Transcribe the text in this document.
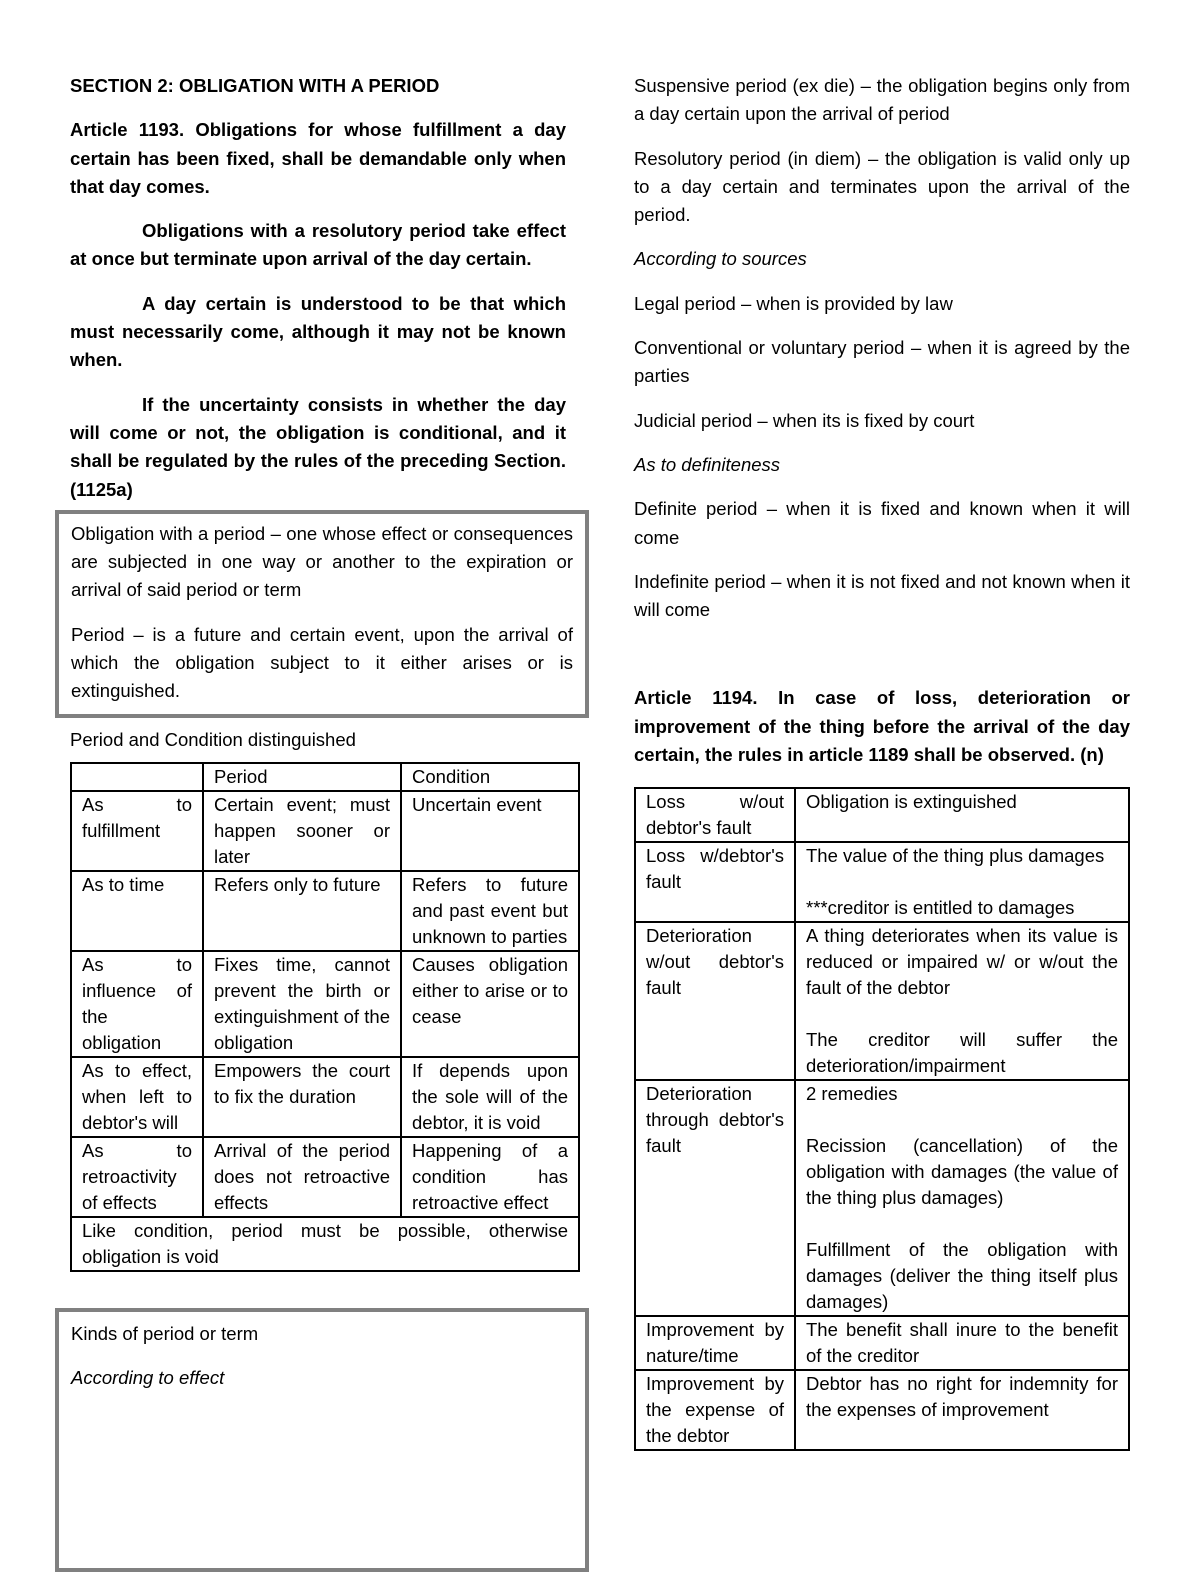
SECTION 2: OBLIGATION WITH A PERIOD

Article 1193. Obligations for whose fulfillment a day certain has been fixed, shall be demandable only when that day comes.

Obligations with a resolutory period take effect at once but terminate upon arrival of the day certain.

A day certain is understood to be that which must necessarily come, although it may not be known when.

If the uncertainty consists in whether the day will come or not, the obligation is conditional, and it shall be regulated by the rules of the preceding Section. (1125a)

Obligation with a period – one whose effect or consequences are subjected in one way or another to the expiration or arrival of said period or term

Period – is a future and certain event, upon the arrival of which the obligation subject to it either arises or is extinguished.

Period and Condition distinguished

	Period	Condition
As to fulfillment	Certain event; must happen sooner or later	Uncertain event
As to time	Refers only to future	Refers to future and past event but unknown to parties
As to influence of the obligation	Fixes time, cannot prevent the birth or extinguishment of the obligation	Causes obligation either to arise or to cease
As to effect, when left to debtor's will	Empowers the court to fix the duration	If depends upon the sole will of the debtor, it is void
As to retroactivity of effects	Arrival of the period does not retroactive effects	Happening of a condition has retroactive effect
Like condition, period must be possible, otherwise obligation is void		

Kinds of period or term

According to effect

Suspensive period (ex die) – the obligation begins only from a day certain upon the arrival of period

Resolutory period (in diem) – the obligation is valid only up to a day certain and terminates upon the arrival of the period.

According to sources

Legal period – when is provided by law

Conventional or voluntary period – when it is agreed by the parties

Judicial period – when its is fixed by court

As to definiteness

Definite period – when it is fixed and known when it will come

Indefinite period – when it is not fixed and not known when it will come

Article 1194. In case of loss, deterioration or improvement of the thing before the arrival of the day certain, the rules in article 1189 shall be observed. (n)

Loss w/out debtor's fault	Obligation is extinguished
Loss w/debtor's fault	The value of the thing plus damages
***creditor is entitled to damages

Deterioration w/out debtor's fault	A thing deteriorates when its value is reduced or impaired w/ or w/out the fault of the debtor
The creditor will suffer the deterioration/impairment

Deterioration through debtor's fault	2 remedies
Recission (cancellation) of the obligation with damages (the value of the thing plus damages)
Fulfillment of the obligation with damages (deliver the thing itself plus damages)

Improvement by nature/time	The benefit shall inure to the benefit of the creditor
Improvement by the expense of the debtor	Debtor has no right for indemnity for the expenses of improvement
